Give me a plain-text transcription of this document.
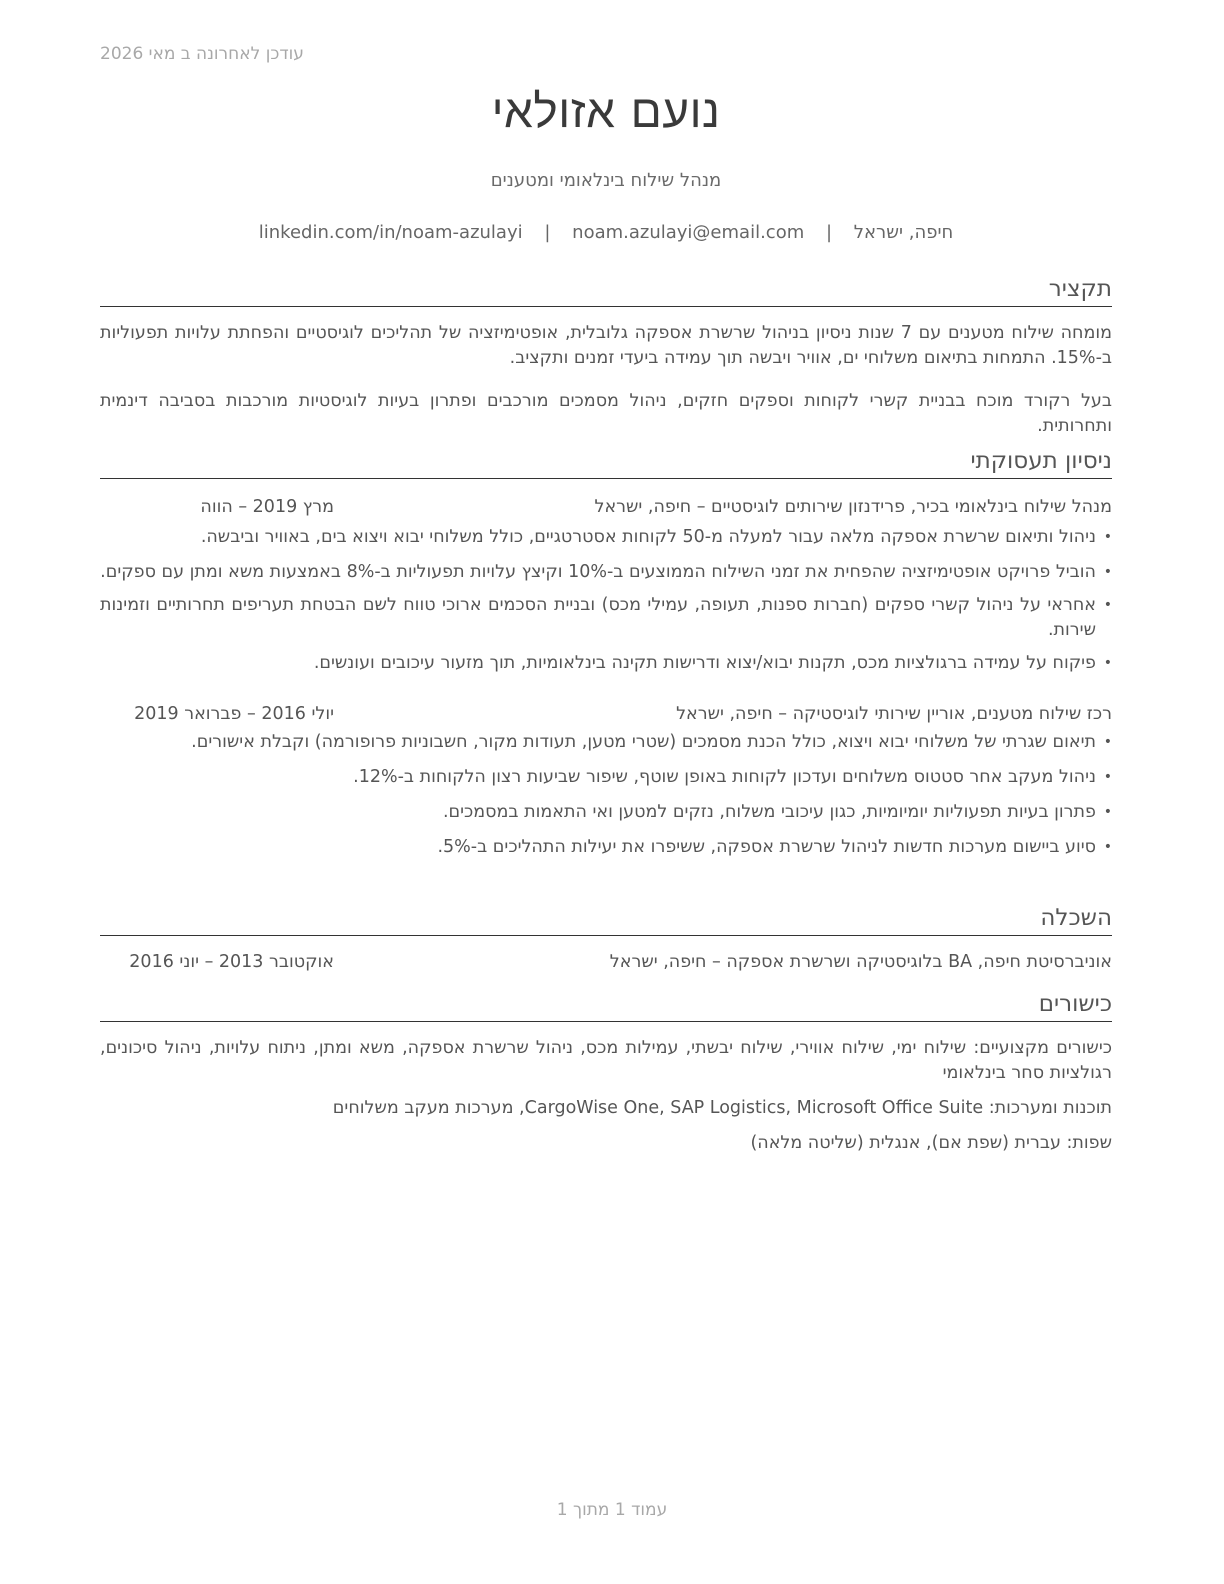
עודכן לאחרונה ב מאי 2026
נועם אזולאי
מנהל שילוח בינלאומי ומטענים
חיפה, ישראל | noam.azulayi@email.com | linkedin.com/in/noam-azulayi
תקציר

מומחה שילוח מטענים עם 7 שנות ניסיון בניהול שרשרת אספקה גלובלית, אופטימיזציה של תהליכים לוגיסטיים והפחתת עלויות תפעוליות ב-15%. התמחות בתיאום משלוחי ים, אוויר ויבשה תוך עמידה ביעדי זמנים ותקציב.

בעל רקורד מוכח בבניית קשרי לקוחות וספקים חזקים, ניהול מסמכים מורכבים ופתרון בעיות לוגיסטיות מורכבות בסביבה דינמית ותחרותית.

ניסיון תעסוקתי
מנהל שילוח בינלאומי בכיר, פרידנזון שירותים לוגיסטיים – חיפה, ישראל
מרץ 2019 – הווה
• ניהול ותיאום שרשרת אספקה מלאה עבור למעלה מ-50 לקוחות אסטרטגיים, כולל משלוחי יבוא ויצוא בים, באוויר וביבשה.
• הוביל פרויקט אופטימיזציה שהפחית את זמני השילוח הממוצעים ב-10% וקיצץ עלויות תפעוליות ב-8% באמצעות משא ומתן עם ספקים.
• אחראי על ניהול קשרי ספקים (חברות ספנות, תעופה, עמילי מכס) ובניית הסכמים ארוכי טווח לשם הבטחת תעריפים תחרותיים וזמינות שירות.
• פיקוח על עמידה ברגולציות מכס, תקנות יבוא/יצוא ודרישות תקינה בינלאומיות, תוך מזעור עיכובים ועונשים.
רכז שילוח מטענים, אוריין שירותי לוגיסטיקה – חיפה, ישראל
יולי 2016 – פברואר 2019
• תיאום שגרתי של משלוחי יבוא ויצוא, כולל הכנת מסמכים (שטרי מטען, תעודות מקור, חשבוניות פרופורמה) וקבלת אישורים.
• ניהול מעקב אחר סטטוס משלוחים ועדכון לקוחות באופן שוטף, שיפור שביעות רצון הלקוחות ב-12%.
• פתרון בעיות תפעוליות יומיומיות, כגון עיכובי משלוח, נזקים למטען ואי התאמות במסמכים.
• סיוע ביישום מערכות חדשות לניהול שרשרת אספקה, ששיפרו את יעילות התהליכים ב-5%.
השכלה
אוניברסיטת חיפה, BA בלוגיסטיקה ושרשרת אספקה – חיפה, ישראל
אוקטובר 2013 – יוני 2016
כישורים
כישורים מקצועיים: שילוח ימי, שילוח אווירי, שילוח יבשתי, עמילות מכס, ניהול שרשרת אספקה, משא ומתן, ניתוח עלויות, ניהול סיכונים, רגולציות סחר בינלאומי
תוכנות ומערכות: CargoWise One, SAP Logistics, Microsoft Office Suite, מערכות מעקב משלוחים
שפות: עברית (שפת אם), אנגלית (שליטה מלאה)
עמוד 1 מתוך 1
